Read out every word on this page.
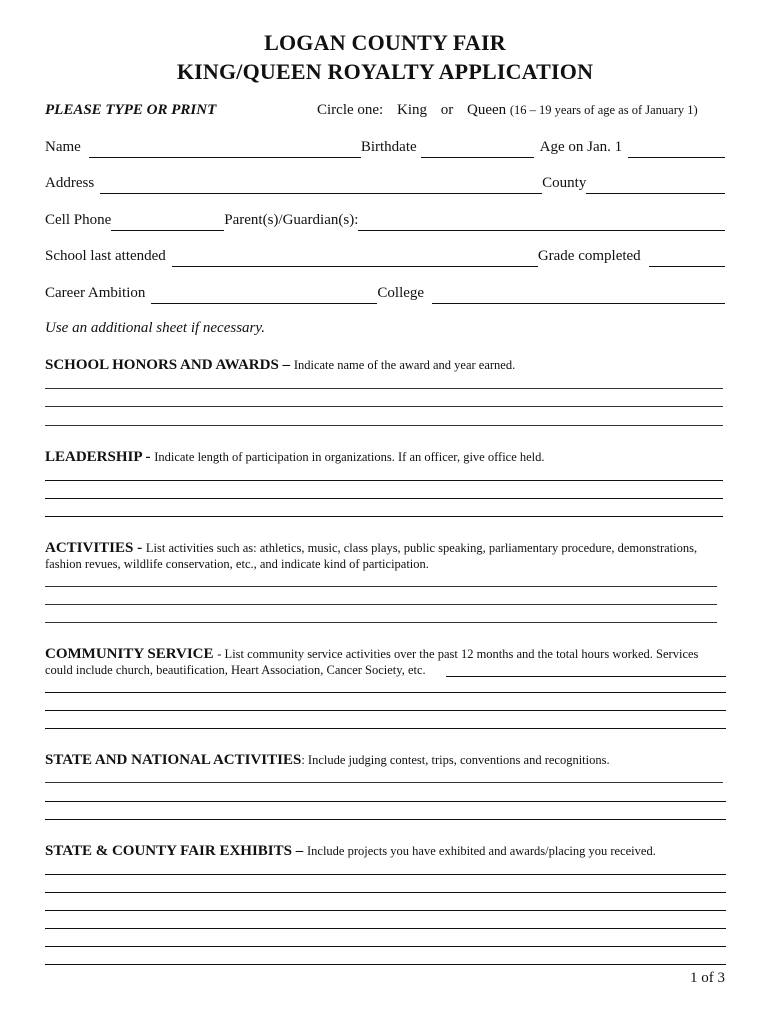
LOGAN COUNTY FAIR
KING/QUEEN ROYALTY APPLICATION
PLEASE TYPE OR PRINT	Circle one: King or Queen (16 – 19 years of age as of January 1)
Name	Birthdate	Age on Jan. 1
Address	County
Cell Phone	Parent(s)/Guardian(s):
School last attended	Grade completed
Career Ambition	College
Use an additional sheet if necessary.
SCHOOL HONORS AND AWARDS – Indicate name of the award and year earned.
LEADERSHIP - Indicate length of participation in organizations. If an officer, give office held.
ACTIVITIES - List activities such as: athletics, music, class plays, public speaking, parliamentary procedure, demonstrations, fashion revues, wildlife conservation, etc., and indicate kind of participation.
COMMUNITY SERVICE - List community service activities over the past 12 months and the total hours worked. Services could include church, beautification, Heart Association, Cancer Society, etc.
STATE AND NATIONAL ACTIVITIES: Include judging contest, trips, conventions and recognitions.
STATE & COUNTY FAIR EXHIBITS – Include projects you have exhibited and awards/placing you received.
1 of 3
